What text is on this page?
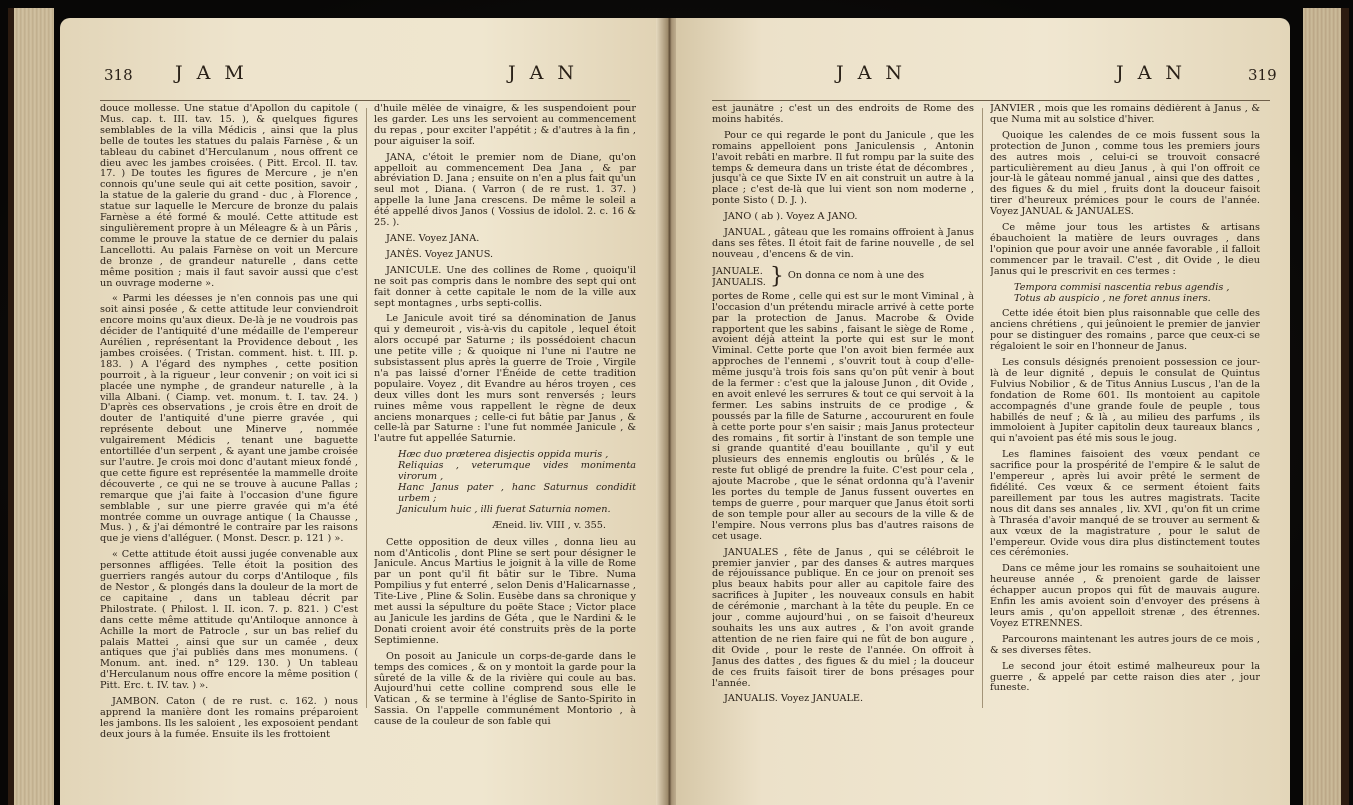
318 J A M	J A N

douce mollesse. Une statue d'Apollon du capitole ( Mus. cap. t. III. tav. 15. ), & quelques figures semblables de la villa Médicis , ainsi que la plus belle de toutes les statues du palais Farnèse , & un tableau du cabinet d'Herculanum , nous offrent ce dieu avec les jambes croisées. ( Pitt. Ercol. II. tav. 17. ) De toutes les figures de Mercure , je n'en connois qu'une seule qui ait cette position, savoir , la statue de la galerie du grand - duc , à Florence , statue sur laquelle le Mercure de bronze du palais Farnèse a été formé & moulé. Cette attitude est singulièrement propre à un Méleagre & à un Pâris , comme le prouve la statue de ce dernier du palais Lancellotti. Au palais Farnèse on voit un Mercure de bronze , de grandeur naturelle , dans cette même position ; mais il faut savoir aussi que c'est un ouvrage moderne ».

« Parmi les déesses je n'en connois pas une qui soit ainsi posée , & cette attitude leur conviendroit encore moins qu'aux dieux. De-là je ne voudrois pas décider de l'antiquité d'une médaille de l'empereur Aurélien , représentant la Providence debout , les jambes croisées. ( Tristan. comment. hist. t. III. p. 183. ) A l'égard des nymphes , cette position pourroit , à la rigueur , leur convenir ; on voit ici si placée une nymphe , de grandeur naturelle , à la villa Albani. ( Ciamp. vet. monum. t. I. tav. 24. ) D'après ces observations , je crois être en droit de douter de l'antiquité d'une pierre gravée , qui représente debout une Minerve , nommée vulgairement Médicis , tenant une baguette entortillée d'un serpent , & ayant une jambe croisée sur l'autre. Je crois moi donc d'autant mieux fondé , que cette figure est représentée la mammelle droite découverte , ce qui ne se trouve à aucune Pallas ; remarque que j'ai faite à l'occasion d'une figure semblable , sur une pierre gravée qui m'a été montrée comme un ouvrage antique ( la Chausse , Mus. ) , & j'ai démontré le contraire par les raisons que je viens d'alléguer. ( Monst. Descr. p. 121 ) ».

« Cette attitude étoit aussi jugée convenable aux personnes affligées. Telle étoit la position des guerriers rangés autour du corps d'Antiloque , fils de Nestor , & plongés dans la douleur de la mort de ce capitaine , dans un tableau décrit par Philostrate. ( Philost. l. II. icon. 7. p. 821. ) C'est dans cette même attitude qu'Antiloque annonce à Achille la mort de Patrocle , sur un bas relief du palais Mattei , ainsi que sur un camée , deux antiques que j'ai publiés dans mes monumens. ( Monum. ant. ined. n° 129. 130. ) Un tableau d'Herculanum nous offre encore la même position ( Pitt. Erc. t. IV. tav. ) ».

JAMBON. Caton ( de re rust. c. 162. ) nous apprend la manière dont les romains préparoient les jambons. Ils les saloient , les exposoient pendant deux jours à la fumée. Ensuite ils les frottoient

d'huile mêlée de vinaigre, & les suspendoient pour les garder. Les uns les servoient au commencement du repas , pour exciter l'appétit ; & d'autres à la fin , pour aiguiser la soif.

JANA, c'étoit le premier nom de Diane, qu'on appelloit au commencement Dea Jana , & par abréviation D. Jana ; ensuite on n'en a plus fait qu'un seul mot , Diana. ( Varron ( de re rust. 1. 37. ) appelle la lune Jana crescens. De même le soleil a été appellé divos Janos ( Vossius de idolol. 2. c. 16 & 25. ).

JANE. Voyez JANA.

JANÈS. Voyez JANUS.

JANICULE. Une des collines de Rome , quoiqu'il ne soit pas compris dans le nombre des sept qui ont fait donner à cette capitale le nom de la ville aux sept montagnes , urbs septi-collis.

Le Janicule avoit tiré sa dénomination de Janus qui y demeuroit , vis-à-vis du capitole , lequel étoit alors occupé par Saturne ; ils possédoient chacun une petite ville ; & quoique ni l'une ni l'autre ne subsistassent plus après la guerre de Troie , Virgile n'a pas laissé d'orner l'Énéide de cette tradition populaire. Voyez , dit Evandre au héros troyen , ces deux villes dont les murs sont renversés ; leurs ruines même vous rappellent le règne de deux anciens monarques ; celle-ci fut bâtie par Janus , & celle-là par Saturne : l'une fut nommée Janicule , & l'autre fut appellée Saturnie.

Hæc duo præterea disjectis oppida muris ,
Reliquias , veterumque vides monimenta virorum ,
Hanc Janus pater , hanc Saturnus condidit urbem ;
Janiculum huic , illi fuerat Saturnia nomen.
Æneid. liv. VIII , v. 355.

Cette opposition de deux villes , donna lieu au nom d'Anticolis , dont Pline se sert pour désigner le Janicule. Ancus Martius le joignit à la ville de Rome par un pont qu'il fit bâtir sur le Tibre. Numa Pompilius y fut enterré , selon Denis d'Halicarnasse , Tite-Live , Pline & Solin. Eusèbe dans sa chronique y met aussi la sépulture du poëte Stace ; Victor place au Janicule les jardins de Géta , que le Nardini & le Donati croient avoir été construits près de la porte Septimienne.

On posoit au Janicule un corps-de-garde dans le temps des comices , & on y montoit la garde pour la sûreté de la ville & de la rivière qui coule au bas. Aujourd'hui cette colline comprend sous elle le Vatican , & se termine à l'église de Santo-Spirito in Sassia. On l'appelle communément Montorio , à cause de la couleur de son fable qui

J A N	J A N	319

est jaunâtre ; c'est un des endroits de Rome des moins habités.

Pour ce qui regarde le pont du Janicule , que les romains appelloient pons Janiculensis , Antonin l'avoit rebâti en marbre. Il fut rompu par la suite des temps & demeura dans un triste état de décombres , jusqu'à ce que Sixte IV en ait construit un autre à la place ; c'est de-là que lui vient son nom moderne , ponte Sisto ( D. J. ).

JANO ( ab ). Voyez A JANO.

JANUAL , gâteau que les romains offroient à Janus dans ses fêtes. Il étoit fait de farine nouvelle , de sel nouveau , d'encens & de vin.

JANUALE.
JANUALIS. } On donna ce nom à une des

portes de Rome , celle qui est sur le mont Viminal , à l'occasion d'un prétendu miracle arrivé à cette porte par la protection de Janus. Macrobe & Ovide rapportent que les sabins , faisant le siège de Rome , avoient déjà atteint la porte qui est sur le mont Viminal. Cette porte que l'on avoit bien fermée aux approches de l'ennemi , s'ouvrit tout à coup d'elle-même jusqu'à trois fois sans qu'on pût venir à bout de la fermer : c'est que la jalouse Junon , dit Ovide , en avoit enlevé les serrures & tout ce qui servoit à la fermer. Les sabins instruits de ce prodige , & poussés par la fille de Saturne , accoururent en foule à cette porte pour s'en saisir ; mais Janus protecteur des romains , fit sortir à l'instant de son temple une si grande quantité d'eau bouillante , qu'il y eut plusieurs des ennemis engloutis ou brûlés , & le reste fut obligé de prendre la fuite. C'est pour cela , ajoute Macrobe , que le sénat ordonna qu'à l'avenir les portes du temple de Janus fussent ouvertes en temps de guerre , pour marquer que Janus étoit sorti de son temple pour aller au secours de la ville & de l'empire. Nous verrons plus bas d'autres raisons de cet usage.

JANUALES , fête de Janus , qui se célébroit le premier janvier , par des danses & autres marques de réjouissance publique. En ce jour on prenoit ses plus beaux habits pour aller au capitole faire des sacrifices à Jupiter , les nouveaux consuls en habit de cérémonie , marchant à la tête du peuple. En ce jour , comme aujourd'hui , on se faisoit d'heureux souhaits les uns aux autres , & l'on avoit grande attention de ne rien faire qui ne fût de bon augure , dit Ovide , pour le reste de l'année. On offroit à Janus des dattes , des figues & du miel ; la douceur de ces fruits faisoit tirer de bons présages pour l'année.

JANUALIS. Voyez JANUALE.

JANVIER , mois que les romains dédièrent à Janus , & que Numa mit au solstice d'hiver.

Quoique les calendes de ce mois fussent sous la protection de Junon , comme tous les premiers jours des autres mois , celui-ci se trouvoit consacré particulièrement au dieu Janus , à qui l'on offroit ce jour-là le gâteau nommé janual , ainsi que des dattes , des figues & du miel , fruits dont la douceur faisoit tirer d'heureux prémices pour le cours de l'année. Voyez JANUAL & JANUALES.

Ce même jour tous les artistes & artisans ébauchoient la matière de leurs ouvrages , dans l'opinion que pour avoir une année favorable , il falloit commencer par le travail. C'est , dit Ovide , le dieu Janus qui le prescrivit en ces termes :

Tempora commisi nascentia rebus agendis ,
Totus ab auspicio , ne foret annus iners.

Cette idée étoit bien plus raisonnable que celle des anciens chrétiens , qui jeûnoient le premier de janvier pour se distinguer des romains , parce que ceux-ci se régaloient le soir en l'honneur de Janus.

Les consuls désignés prenoient possession ce jour-là de leur dignité , depuis le consulat de Quintus Fulvius Nobilior , & de Titus Annius Luscus , l'an de la fondation de Rome 601. Ils montoient au capitole accompagnés d'une grande foule de peuple , tous habillés de neuf ; & là , au milieu des parfums , ils immoloient à Jupiter capitolin deux taureaux blancs , qui n'avoient pas été mis sous le joug.

Les flamines faisoient des vœux pendant ce sacrifice pour la prospérité de l'empire & le salut de l'empereur , après lui avoir prêté le serment de fidélité. Ces vœux & ce serment étoient faits pareillement par tous les autres magistrats. Tacite nous dit dans ses annales , liv. XVI , qu'on fit un crime à Thraséa d'avoir manqué de se trouver au serment & aux vœux de la magistrature , pour le salut de l'empereur. Ovide vous dira plus distinctement toutes ces cérémonies.

Dans ce même jour les romains se souhaitoient une heureuse année , & prenoient garde de laisser échapper aucun propos qui fût de mauvais augure. Enfin les amis avoient soin d'envoyer des présens à leurs amis , qu'on appelloit strenæ , des étrennes. Voyez ETRENNES.

Parcourons maintenant les autres jours de ce mois , & ses diverses fêtes.

Le second jour étoit estimé malheureux pour la guerre , & appelé par cette raison dies ater , jour funeste.
